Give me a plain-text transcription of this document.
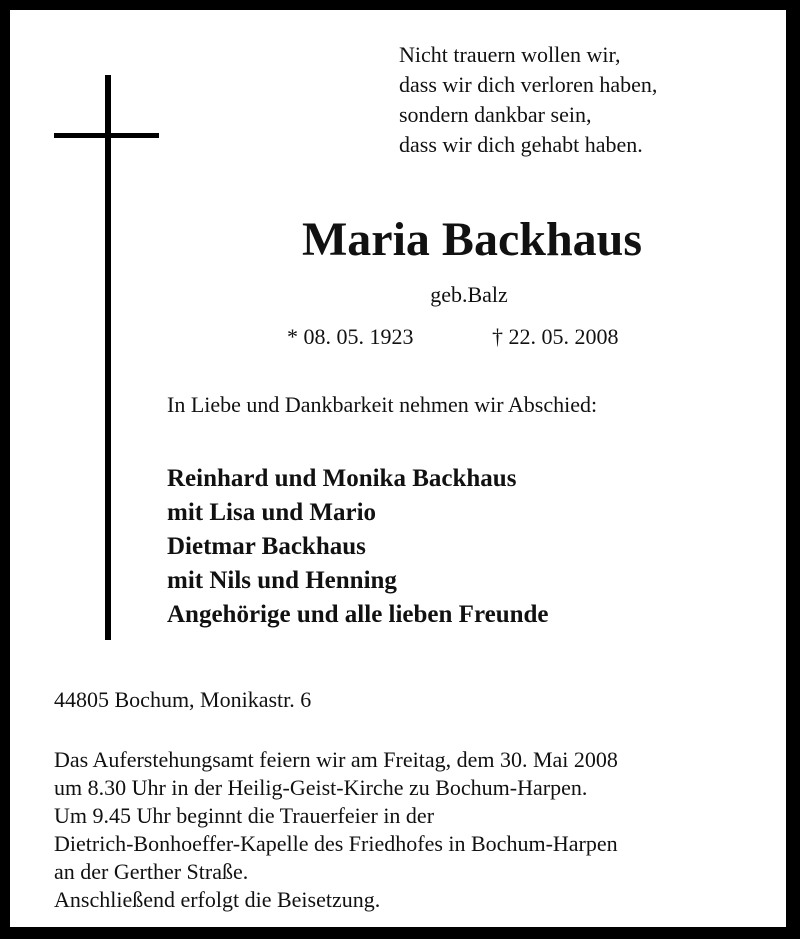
Nicht trauern wollen wir,
dass wir dich verloren haben,
sondern dankbar sein,
dass wir dich gehabt haben.
Maria Backhaus
geb.Balz
* 08. 05. 1923	† 22. 05. 2008
In Liebe und Dankbarkeit nehmen wir Abschied:
Reinhard und Monika Backhaus
mit Lisa und Mario
Dietmar Backhaus
mit Nils und Henning
Angehörige und alle lieben Freunde
44805 Bochum, Monikastr. 6
Das Auferstehungsamt feiern wir am Freitag, dem 30. Mai 2008
um 8.30 Uhr in der Heilig-Geist-Kirche zu Bochum-Harpen.
Um 9.45 Uhr beginnt die Trauerfeier in der
Dietrich-Bonhoeffer-Kapelle des Friedhofes in Bochum-Harpen
an der Gerther Straße.
Anschließend erfolgt die Beisetzung.
